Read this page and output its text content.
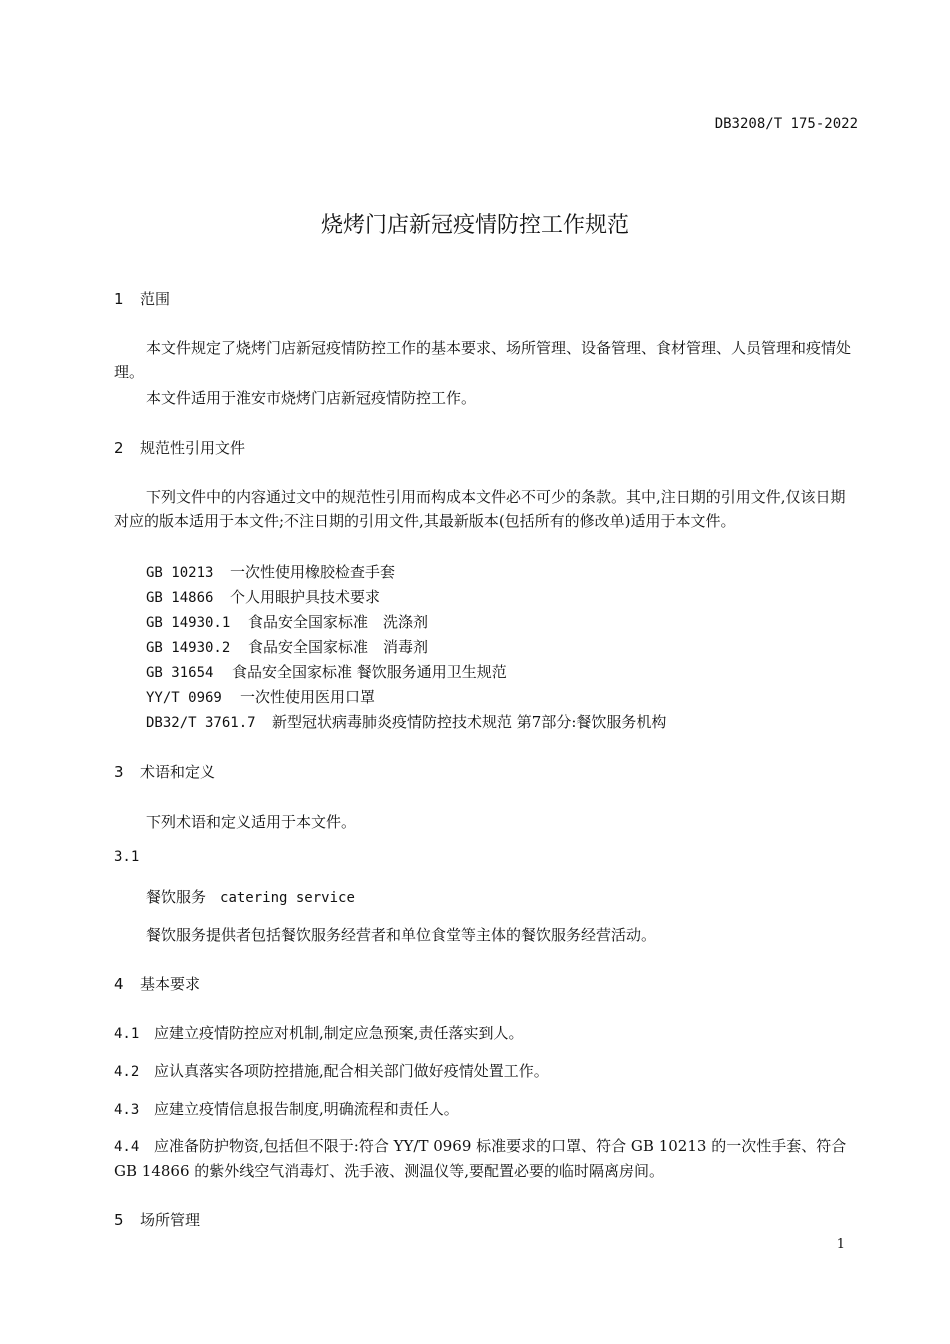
DB3208/T 175-2022
烧烤门店新冠疫情防控工作规范
1 范围
本文件规定了烧烤门店新冠疫情防控工作的基本要求、场所管理、设备管理、食材管理、人员管理和疫情处理。
本文件适用于淮安市烧烤门店新冠疫情防控工作。
2 规范性引用文件
下列文件中的内容通过文中的规范性引用而构成本文件必不可少的条款。其中,注日期的引用文件,仅该日期对应的版本适用于本文件;不注日期的引用文件,其最新版本(包括所有的修改单)适用于本文件。
GB 10213 一次性使用橡胶检查手套
GB 14866 个人用眼护具技术要求
GB 14930.1 食品安全国家标准　洗涤剂
GB 14930.2 食品安全国家标准　消毒剂
GB 31654 食品安全国家标准 餐饮服务通用卫生规范
YY/T 0969 一次性使用医用口罩
DB32/T 3761.7 新型冠状病毒肺炎疫情防控技术规范 第7部分:餐饮服务机构
3 术语和定义
下列术语和定义适用于本文件。
3.1
餐饮服务 catering service
餐饮服务提供者包括餐饮服务经营者和单位食堂等主体的餐饮服务经营活动。
4 基本要求
4.1 应建立疫情防控应对机制,制定应急预案,责任落实到人。
4.2 应认真落实各项防控措施,配合相关部门做好疫情处置工作。
4.3 应建立疫情信息报告制度,明确流程和责任人。
4.4 应准备防护物资,包括但不限于:符合 YY/T 0969 标准要求的口罩、符合 GB 10213 的一次性手套、符合 GB 14866 的紫外线空气消毒灯、洗手液、测温仪等,要配置必要的临时隔离房间。
5 场所管理
1
